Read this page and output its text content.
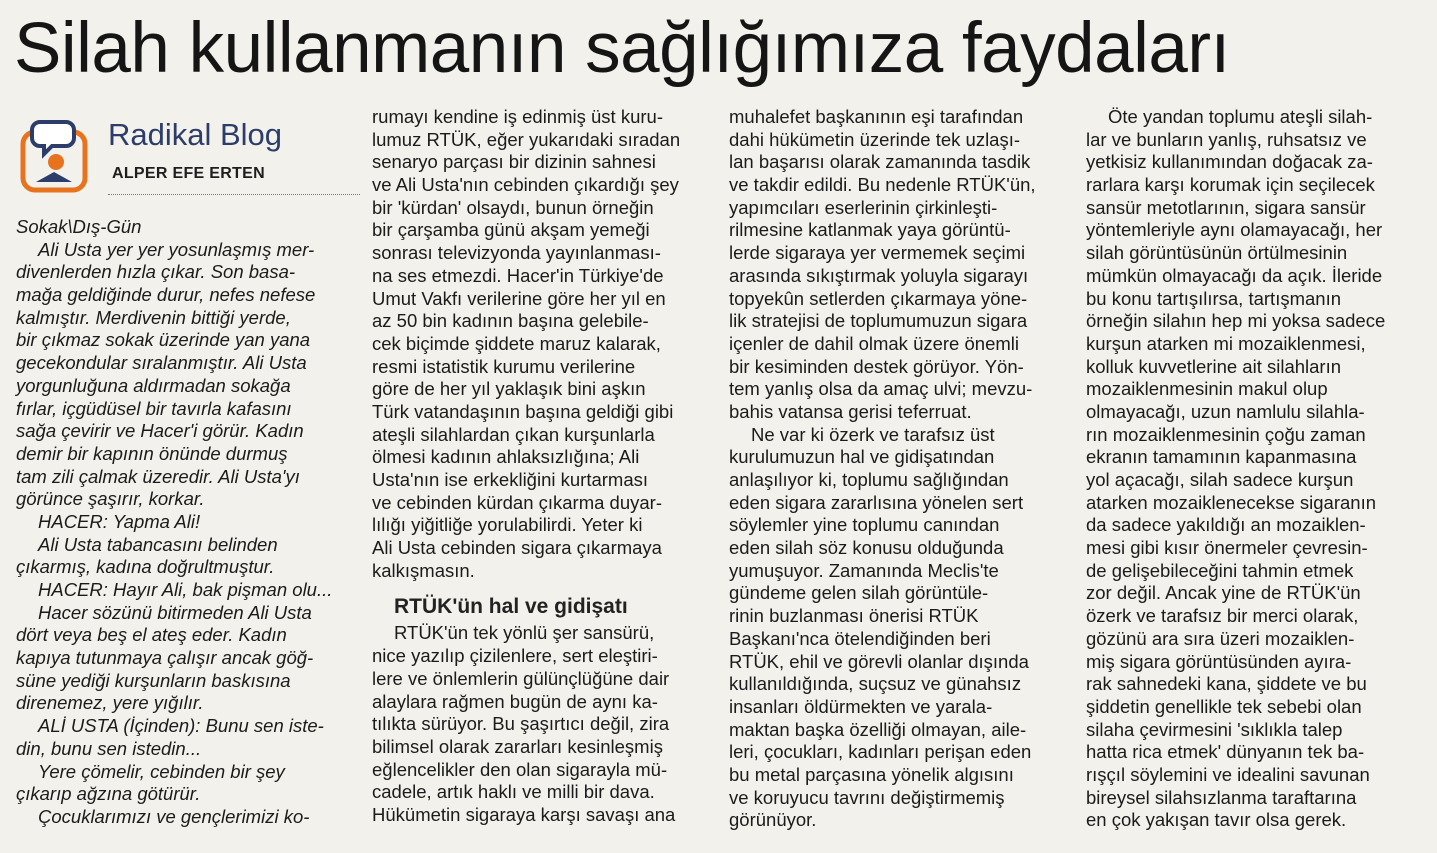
Silah kullanmanın sağlığımıza faydaları
Radikal Blog
ALPER EFE ERTEN
Sokak\Dış-Gün
Ali Usta yer yer yosunlaşmış mer-
divenlerden hızla çıkar. Son basa-
mağa geldiğinde durur, nefes nefese
kalmıştır. Merdivenin bittiği yerde,
bir çıkmaz sokak üzerinde yan yana
gecekondular sıralanmıştır. Ali Usta
yorgunluğuna aldırmadan sokağa
fırlar, içgüdüsel bir tavırla kafasını
sağa çevirir ve Hacer'i görür. Kadın
demir bir kapının önünde durmuş
tam zili çalmak üzeredir. Ali Usta'yı
görünce şaşırır, korkar.
HACER: Yapma Ali!
Ali Usta tabancasını belinden
çıkarmış, kadına doğrultmuştur.
HACER: Hayır Ali, bak pişman olu...
Hacer sözünü bitirmeden Ali Usta
dört veya beş el ateş eder. Kadın
kapıya tutunmaya çalışır ancak göğ-
süne yediği kurşunların baskısına
direnemez, yere yığılır.
ALİ USTA (İçinden): Bunu sen iste-
din, bunu sen istedin...
Yere çömelir, cebinden bir şey
çıkarıp ağzına götürür.
Çocuklarımızı ve gençlerimizi ko-
rumayı kendine iş edinmiş üst kuru-
lumuz RTÜK, eğer yukarıdaki sıradan
senaryo parçası bir dizinin sahnesi
ve Ali Usta'nın cebinden çıkardığı şey
bir 'kürdan' olsaydı, bunun örneğin
bir çarşamba günü akşam yemeği
sonrası televizyonda yayınlanması-
na ses etmezdi. Hacer'in Türkiye'de
Umut Vakfı verilerine göre her yıl en
az 50 bin kadının başına gelebile-
cek biçimde şiddete maruz kalarak,
resmi istatistik kurumu verilerine
göre de her yıl yaklaşık bini aşkın
Türk vatandaşının başına geldiği gibi
ateşli silahlardan çıkan kurşunlarla
ölmesi kadının ahlaksızlığına; Ali
Usta'nın ise erkekliğini kurtarması
ve cebinden kürdan çıkarma duyar-
lılığı yiğitliğe yorulabilirdi. Yeter ki
Ali Usta cebinden sigara çıkarmaya
kalkışmasın.
RTÜK'ün hal ve gidişatı
RTÜK'ün tek yönlü şer sansürü,
nice yazılıp çizilenlere, sert eleştiri-
lere ve önlemlerin gülünçlüğüne dair
alaylara rağmen bugün de aynı ka-
tılıkta sürüyor. Bu şaşırtıcı değil, zira
bilimsel olarak zararları kesinleşmiş
eğlencelikler den olan sigarayla mü-
cadele, artık haklı ve milli bir dava.
Hükümetin sigaraya karşı savaşı ana
muhalefet başkanının eşi tarafından
dahi hükümetin üzerinde tek uzlaşı-
lan başarısı olarak zamanında tasdik
ve takdir edildi. Bu nedenle RTÜK'ün,
yapımcıları eserlerinin çirkinleşti-
rilmesine katlanmak yaya görüntü-
lerde sigaraya yer vermemek seçimi
arasında sıkıştırmak yoluyla sigarayı
topyekûn setlerden çıkarmaya yöne-
lik stratejisi de toplumumuzun sigara
içenler de dahil olmak üzere önemli
bir kesiminden destek görüyor. Yön-
tem yanlış olsa da amaç ulvi; mevzu-
bahis vatansa gerisi teferruat.
Ne var ki özerk ve tarafsız üst
kurulumuzun hal ve gidişatından
anlaşılıyor ki, toplumu sağlığından
eden sigara zararlısına yönelen sert
söylemler yine toplumu canından
eden silah söz konusu olduğunda
yumuşuyor. Zamanında Meclis'te
gündeme gelen silah görüntüle-
rinin buzlanması önerisi RTÜK
Başkanı'nca ötelendiğinden beri
RTÜK, ehil ve görevli olanlar dışında
kullanıldığında, suçsuz ve günahsız
insanları öldürmekten ve yarala-
maktan başka özelliği olmayan, aile-
leri, çocukları, kadınları perişan eden
bu metal parçasına yönelik algısını
ve koruyucu tavrını değiştirmemiş
görünüyor.
Öte yandan toplumu ateşli silah-
lar ve bunların yanlış, ruhsatsız ve
yetkisiz kullanımından doğacak za-
rarlara karşı korumak için seçilecek
sansür metotlarının, sigara sansür
yöntemleriyle aynı olamayacağı, her
silah görüntüsünün örtülmesinin
mümkün olmayacağı da açık. İleride
bu konu tartışılırsa, tartışmanın
örneğin silahın hep mi yoksa sadece
kurşun atarken mi mozaiklenmesi,
kolluk kuvvetlerine ait silahların
mozaiklenmesinin makul olup
olmayacağı, uzun namlulu silahla-
rın mozaiklenmesinin çoğu zaman
ekranın tamamının kapanmasına
yol açacağı, silah sadece kurşun
atarken mozaiklenecekse sigaranın
da sadece yakıldığı an mozaiklen-
mesi gibi kısır önermeler çevresin-
de gelişebileceğini tahmin etmek
zor değil. Ancak yine de RTÜK'ün
özerk ve tarafsız bir merci olarak,
gözünü ara sıra üzeri mozaiklen-
miş sigara görüntüsünden ayıra-
rak sahnedeki kana, şiddete ve bu
şiddetin genellikle tek sebebi olan
silaha çevirmesini 'sıklıkla talep
hatta rica etmek' dünyanın tek ba-
rışçıl söylemini ve idealini savunan
bireysel silahsızlanma taraftarına
en çok yakışan tavır olsa gerek.
